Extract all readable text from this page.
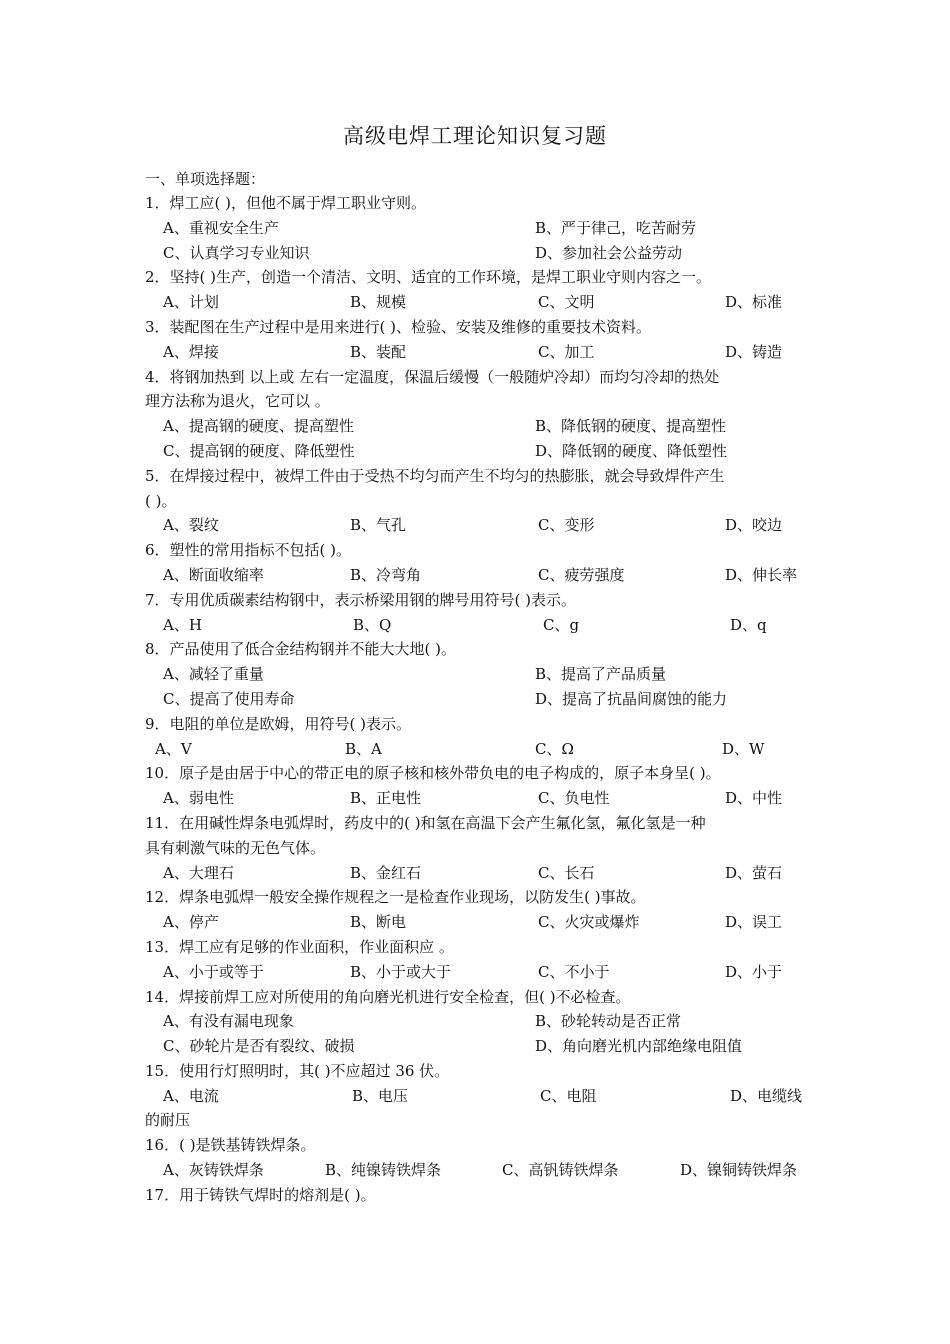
高级电焊工理论知识复习题
一、单项选择题：
1．焊工应( )，但他不属于焊工职业守则。
A、重视安全生产	B、严于律己，吃苦耐劳
C、认真学习专业知识	D、参加社会公益劳动
2．坚持( )生产，创造一个清洁、文明、适宜的工作环境，是焊工职业守则内容之一。
A、计划	B、规模	C、文明	D、标准
3．装配图在生产过程中是用来进行( )、检验、安装及维修的重要技术资料。
A、焊接	B、装配	C、加工	D、铸造
4．将钢加热到 以上或 左右一定温度，保温后缓慢（一般随炉冷却）而均匀冷却的热处
理方法称为退火，它可以 。
A、提高钢的硬度、提高塑性	B、降低钢的硬度、提高塑性
C、提高钢的硬度、降低塑性	D、降低钢的硬度、降低塑性
5．在焊接过程中，被焊工件由于受热不均匀而产生不均匀的热膨胀，就会导致焊件产生
( )。
A、裂纹	B、气孔	C、变形	D、咬边
6．塑性的常用指标不包括( )。
A、断面收缩率	B、冷弯角	C、疲劳强度	D、伸长率
7．专用优质碳素结构钢中，表示桥梁用钢的牌号用符号( )表示。
A、H	B、Q	C、g	D、q
8．产品使用了低合金结构钢并不能大大地( )。
A、减轻了重量	B、提高了产品质量
C、提高了使用寿命	D、提高了抗晶间腐蚀的能力
9．电阻的单位是欧姆，用符号( )表示。
A、V	B、A	C、Ω	D、W
10．原子是由居于中心的带正电的原子核和核外带负电的电子构成的，原子本身呈( )。
A、弱电性	B、正电性	C、负电性	D、中性
11．在用碱性焊条电弧焊时，药皮中的( )和氢在高温下会产生氟化氢，氟化氢是一种
具有刺激气味的无色气体。
A、大理石	B、金红石	C、长石	D、萤石
12．焊条电弧焊一般安全操作规程之一是检查作业现场，以防发生( )事故。
A、停产	B、断电	C、火灾或爆炸	D、误工
13．焊工应有足够的作业面积，作业面积应 。
A、小于或等于	B、小于或大于	C、不小于	D、小于
14．焊接前焊工应对所使用的角向磨光机进行安全检查，但( )不必检查。
A、有没有漏电现象	B、砂轮转动是否正常
C、砂轮片是否有裂纹、破损	D、角向磨光机内部绝缘电阻值
15．使用行灯照明时，其( )不应超过 36 伏。
A、电流	B、电压	C、电阻	D、电缆线
的耐压
16．( )是铁基铸铁焊条。
A、灰铸铁焊条	B、纯镍铸铁焊条	C、高钒铸铁焊条	D、镍铜铸铁焊条
17．用于铸铁气焊时的熔剂是( )。
